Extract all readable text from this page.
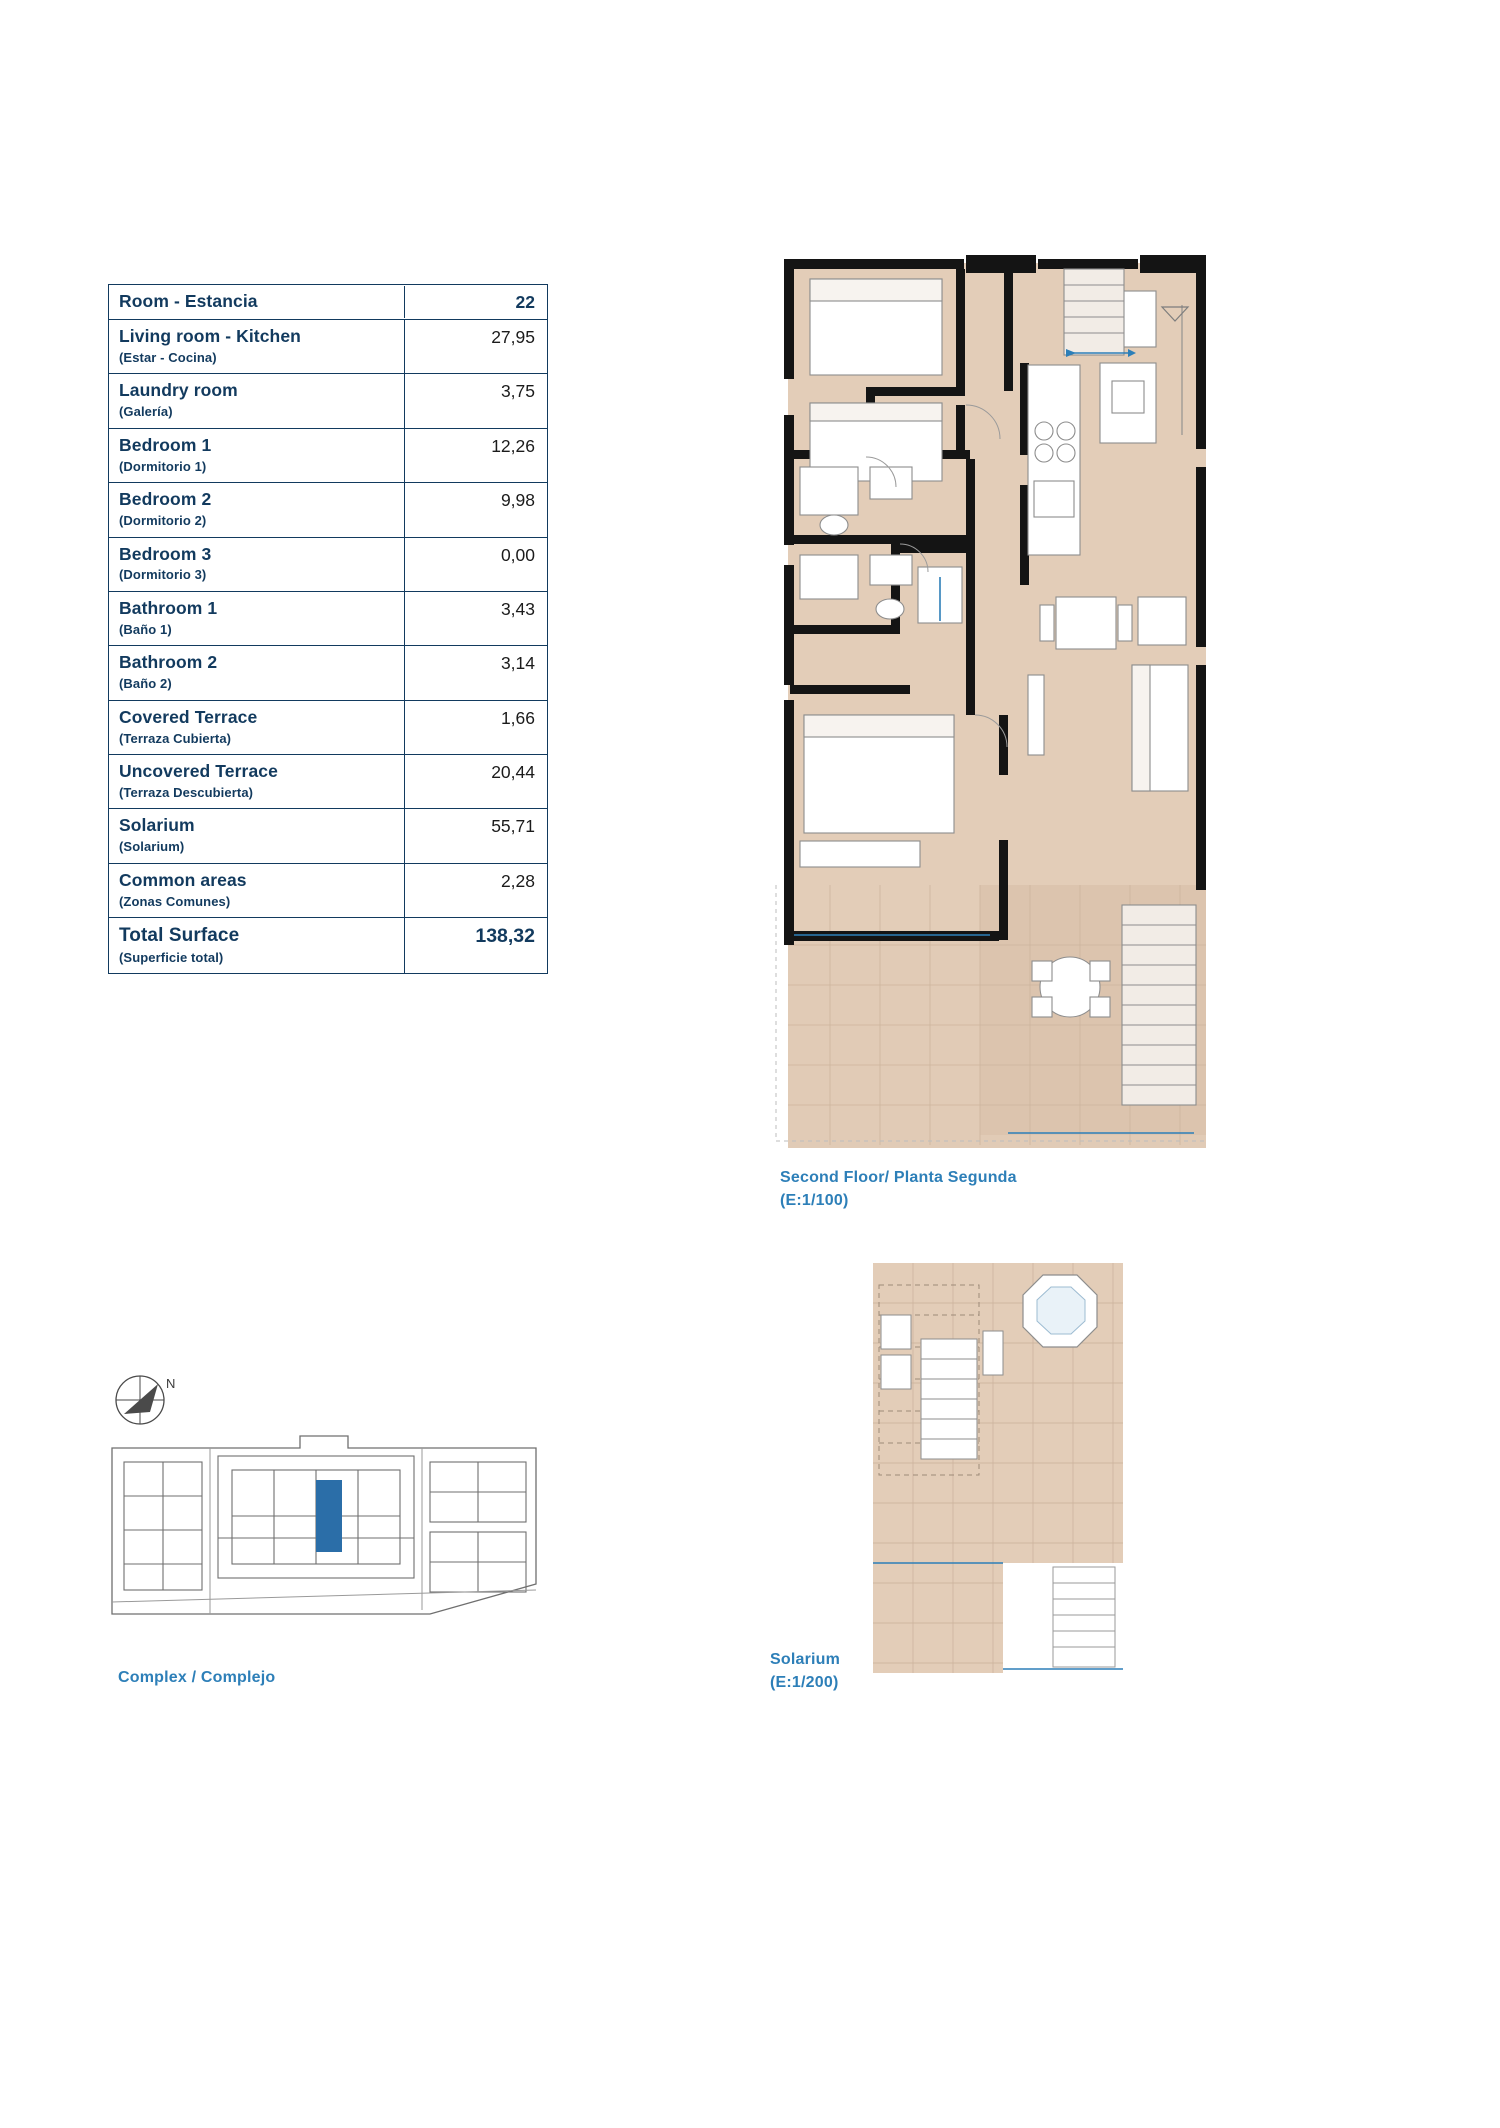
Room - Estancia	22
Living room - Kitchen
(Estar - Cocina)
27,95
Laundry room
(Galería)
3,75
Bedroom 1
(Dormitorio 1)
12,26
Bedroom 2
(Dormitorio 2)
9,98
Bedroom 3
(Dormitorio 3)
0,00
Bathroom 1
(Baño 1)
3,43
Bathroom 2
(Baño 2)
3,14
Covered Terrace
(Terraza Cubierta)
1,66
Uncovered Terrace
(Terraza Descubierta)
20,44
Solarium
(Solarium)
55,71
Common areas
(Zonas Comunes)
2,28
Total Surface
(Superficie total)
138,32
Second Floor/ Planta Segunda
(E:1/100)
Solarium
(E:1/200)
N
Complex / Complejo
